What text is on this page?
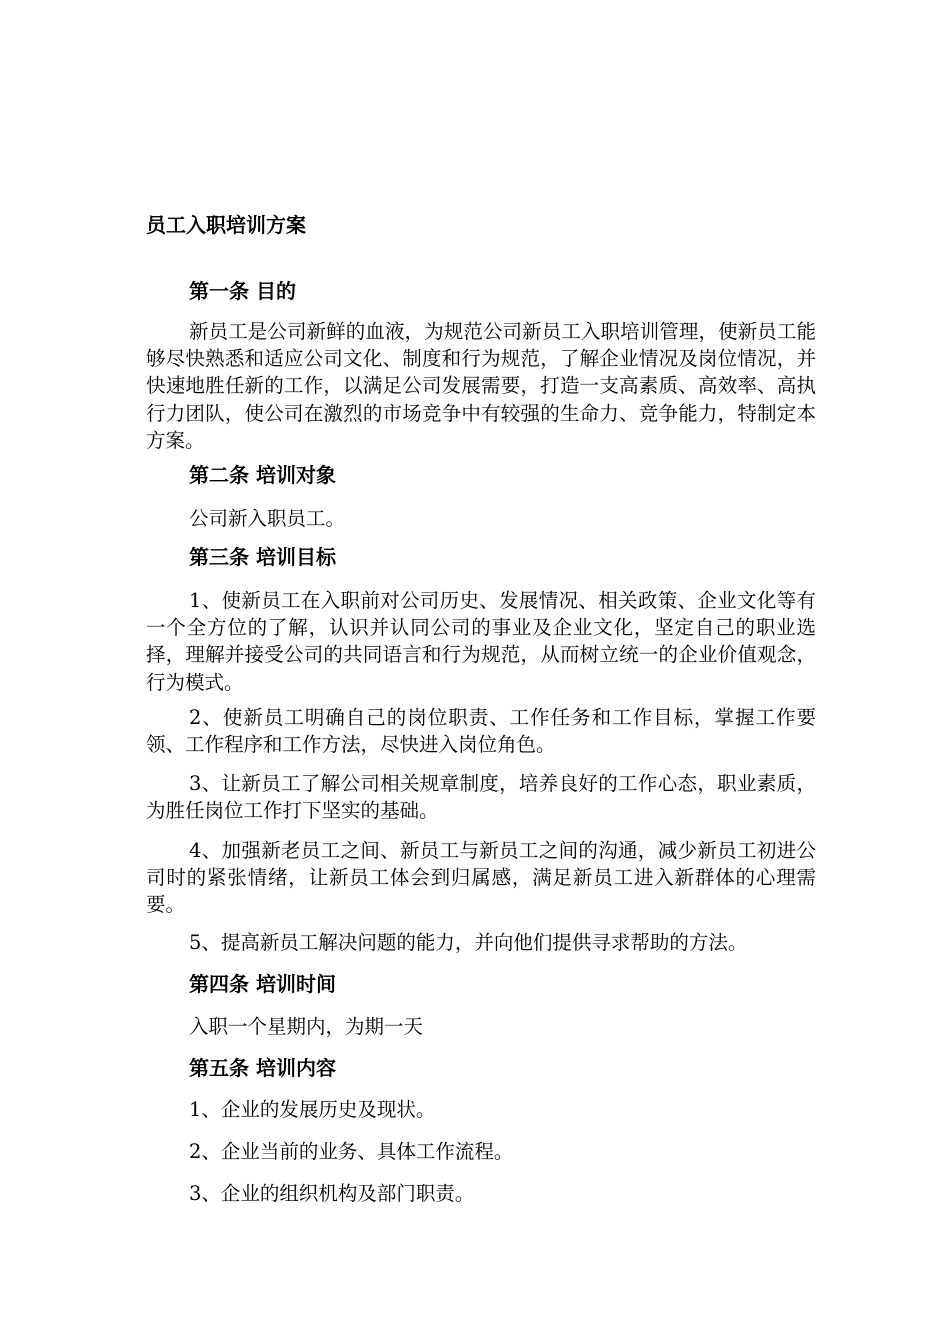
员工入职培训方案
第一条 目的
新员工是公司新鲜的血液，为规范公司新员工入职培训管理，使新员工能够尽快熟悉和适应公司文化、制度和行为规范，了解企业情况及岗位情况，并快速地胜任新的工作，以满足公司发展需要，打造一支高素质、高效率、高执行力团队，使公司在激烈的市场竞争中有较强的生命力、竞争能力，特制定本方案。
第二条 培训对象
公司新入职员工。
第三条 培训目标
1、使新员工在入职前对公司历史、发展情况、相关政策、企业文化等有一个全方位的了解，认识并认同公司的事业及企业文化，坚定自己的职业选择，理解并接受公司的共同语言和行为规范，从而树立统一的企业价值观念，行为模式。
2、使新员工明确自己的岗位职责、工作任务和工作目标，掌握工作要领、工作程序和工作方法，尽快进入岗位角色。
3、让新员工了解公司相关规章制度，培养良好的工作心态，职业素质，为胜任岗位工作打下坚实的基础。
4、加强新老员工之间、新员工与新员工之间的沟通，减少新员工初进公司时的紧张情绪，让新员工体会到归属感，满足新员工进入新群体的心理需要。
5、提高新员工解决问题的能力，并向他们提供寻求帮助的方法。
第四条 培训时间
入职一个星期内，为期一天
第五条 培训内容
1、企业的发展历史及现状。
2、企业当前的业务、具体工作流程。
3、企业的组织机构及部门职责。
